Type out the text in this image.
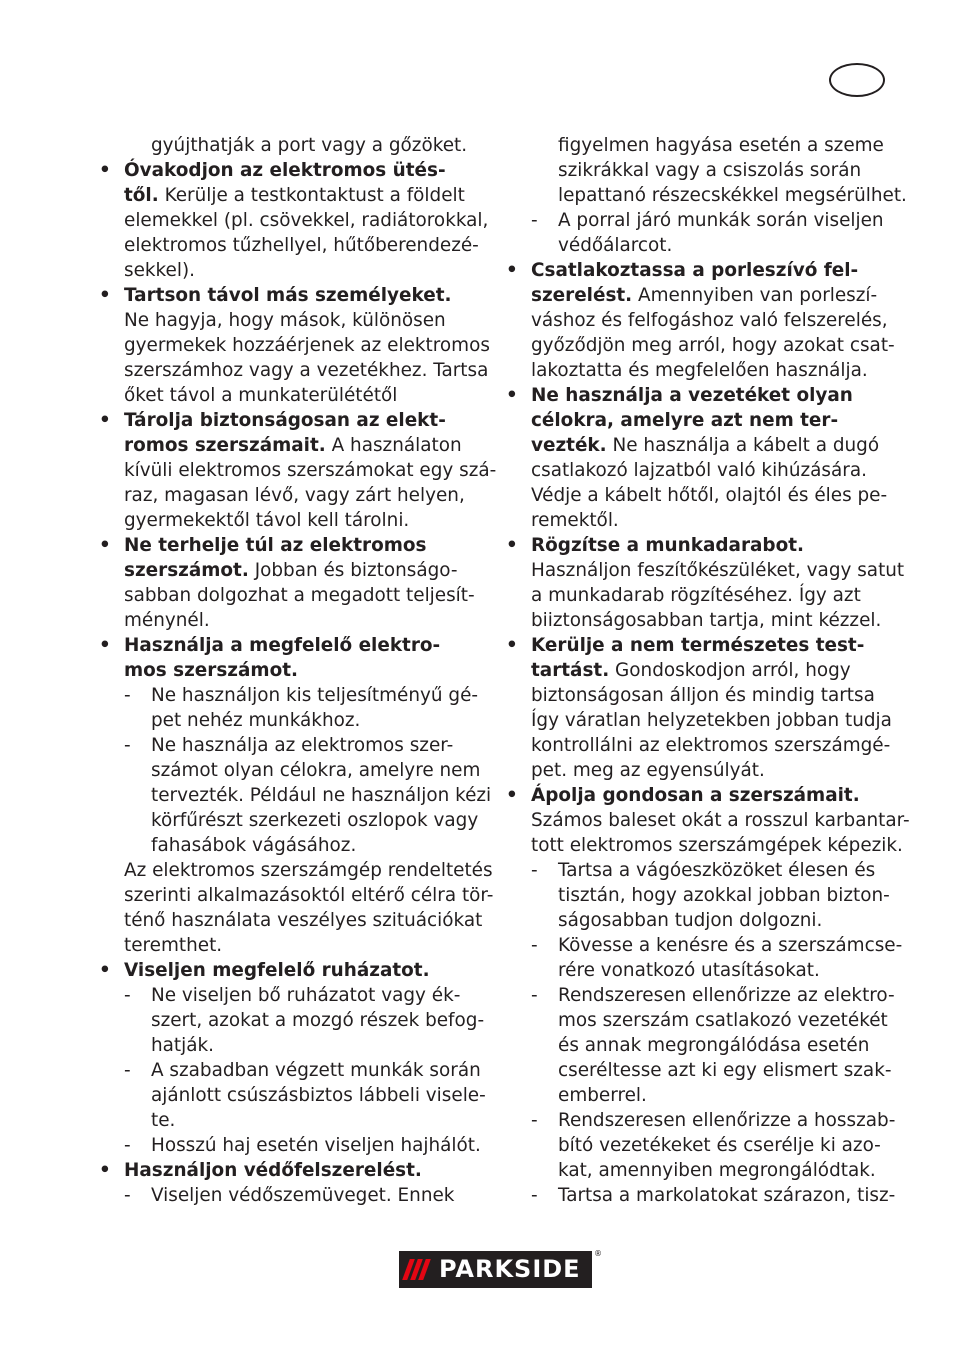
gyújthatják a port vagy a gőzöket.
• Óvakodjon az elektromos ütés-
től. Kerülje a testkontaktust a földelt
elemekkel (pl. csövekkel, radiátorokkal,
elektromos tűzhellyel, hűtőberendezé-
sekkel).
• Tartson távol más személyeket.
Ne hagyja, hogy mások, különösen
gyermekek hozzáérjenek az elektromos
szerszámhoz vagy a vezetékhez. Tartsa
őket távol a munkaterülététől
• Tárolja biztonságosan az elekt-
romos szerszámait. A használaton
kívüli elektromos szerszámokat egy szá-
raz, magasan lévő, vagy zárt helyen,
gyermekektől távol kell tárolni.
• Ne terhelje túl az elektromos
szerszámot. Jobban és biztonságo-
sabban dolgozhat a megadott teljesít-
ménynél.
• Használja a megfelelő elektro-
mos szerszámot.
- Ne használjon kis teljesítményű gé-
pet nehéz munkákhoz.
- Ne használja az elektromos szer-
számot olyan célokra, amelyre nem
tervezték. Például ne használjon kézi
körfűrészt szerkezeti oszlopok vagy
fahasábok vágásához.
Az elektromos szerszámgép rendeltetés
szerinti alkalmazásoktól eltérő célra tör-
ténő használata veszélyes szituációkat
teremthet.
• Viseljen megfelelő ruházatot.
- Ne viseljen bő ruházatot vagy ék-
szert, azokat a mozgó részek befog-
hatják.
- A szabadban végzett munkák során
ajánlott csúszásbiztos lábbeli visele-
te.
- Hosszú haj esetén viseljen hajhálót.
• Használjon védőfelszerelést.
- Viseljen védőszemüveget. Ennek
figyelmen hagyása esetén a szeme
szikrákkal vagy a csiszolás során
lepattanó részecskékkel megsérülhet.
- A porral járó munkák során viseljen
védőálarcot.
• Csatlakoztassa a porleszívó fel-
szerelést. Amennyiben van porleszí-
váshoz és felfogáshoz való felszerelés,
győződjön meg arról, hogy azokat csat-
lakoztatta és megfelelően használja.
• Ne használja a vezetéket olyan
célokra, amelyre azt nem ter-
vezték. Ne használja a kábelt a dugó
csatlakozó lajzatból való kihúzására.
Védje a kábelt hőtől, olajtól és éles pe-
remektől.
• Rögzítse a munkadarabot.
Használjon feszítőkészüléket, vagy satut
a munkadarab rögzítéséhez. Így azt
biiztonságosabban tartja, mint kézzel.
• Kerülje a nem természetes test-
tartást. Gondoskodjon arról, hogy
biztonságosan álljon és mindig tartsa
Így váratlan helyzetekben jobban tudja
kontrollálni az elektromos szerszámgé-
pet. meg az egyensúlyát.
• Ápolja gondosan a szerszámait.
Számos baleset okát a rosszul karbantar-
tott elektromos szerszámgépek képezik.
- Tartsa a vágóeszközöket élesen és
tisztán, hogy azokkal jobban bizton-
ságosabban tudjon dolgozni.
- Kövesse a kenésre és a szerszámcse-
rére vonatkozó utasításokat.
- Rendszeresen ellenőrizze az elektro-
mos szerszám csatlakozó vezetékét
és annak megrongálódása esetén
cseréltesse azt ki egy elismert szak-
emberrel.
- Rendszeresen ellenőrizze a hosszab-
bító vezetékeket és cserélje ki azo-
kat, amennyiben megrongálódtak.
- Tartsa a markolatokat szárazon, tisz-
PARKSIDE
®
